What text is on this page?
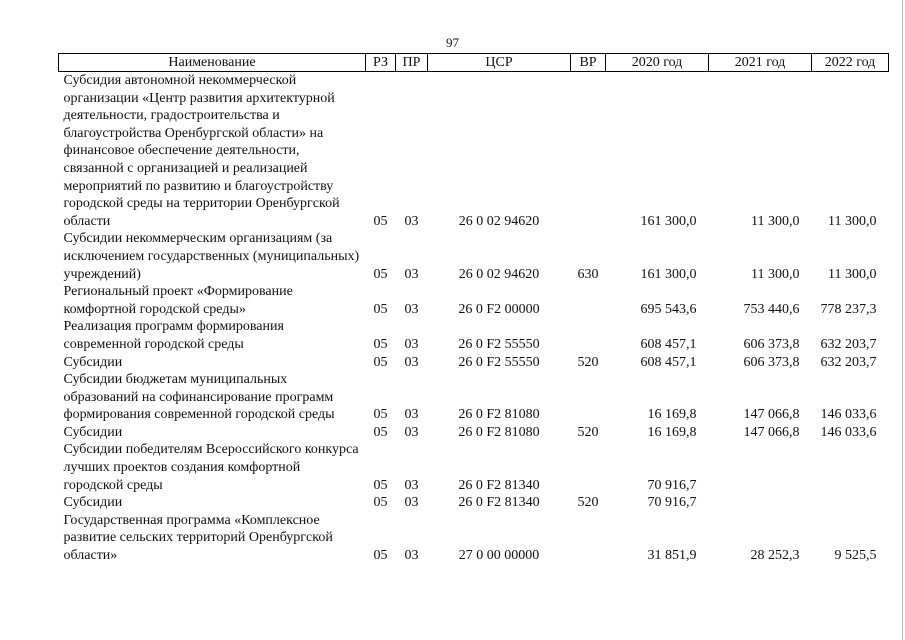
97
Наименование	РЗ	ПР	ЦСР	ВР	2020 год	2021 год	2022 год
Субсидия автономной некоммерческой организации «Центр развития архитектурной деятельности, градостроительства и благоустройства Оренбургской области» на финансовое обеспечение деятельности, связанной с организацией и реализацией мероприятий по развитию и благоустройству городской среды на территории Оренбургской области	05	03	26 0 02 94620		161 300,0	11 300,0	11 300,0
Субсидии некоммерческим организациям (за исключением государственных (муниципальных) учреждений)	05	03	26 0 02 94620	630	161 300,0	11 300,0	11 300,0
Региональный проект «Формирование комфортной городской среды»	05	03	26 0 F2 00000		695 543,6	753 440,6	778 237,3
Реализация программ формирования современной городской среды	05	03	26 0 F2 55550		608 457,1	606 373,8	632 203,7
Субсидии	05	03	26 0 F2 55550	520	608 457,1	606 373,8	632 203,7
Субсидии бюджетам муниципальных образований на софинансирование программ формирования современной городской среды	05	03	26 0 F2 81080		16 169,8	147 066,8	146 033,6
Субсидии	05	03	26 0 F2 81080	520	16 169,8	147 066,8	146 033,6
Субсидии победителям Всероссийского конкурса лучших проектов создания комфортной городской среды	05	03	26 0 F2 81340		70 916,7		
Субсидии	05	03	26 0 F2 81340	520	70 916,7		
Государственная программа «Комплексное развитие сельских территорий Оренбургской области»	05	03	27 0 00 00000		31 851,9	28 252,3	9 525,5
